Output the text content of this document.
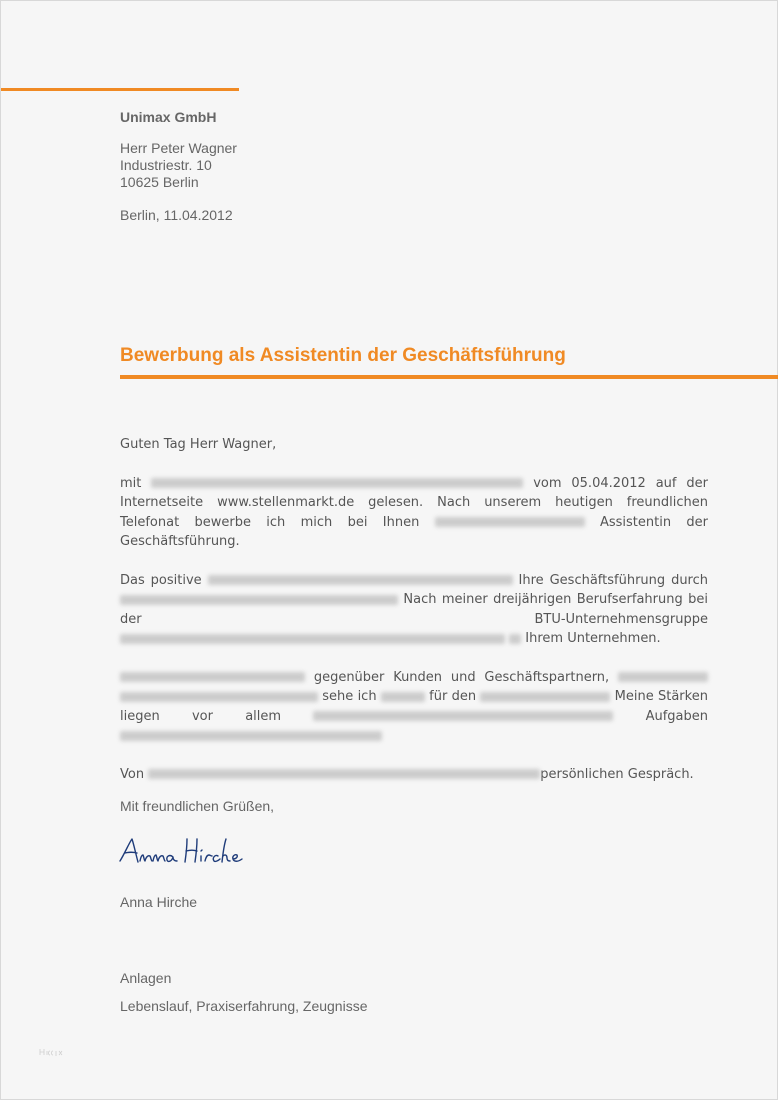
Unimax GmbH
Herr Peter Wagner
Industriestr. 10
10625 Berlin
Berlin, 11.04.2012
Bewerbung als Assistentin der Geschäftsführung

Guten Tag Herr Wagner,

mit	vom 05.04.2012 auf der Internetseite www.stellenmarkt.de gelesen. Nach unserem heutigen freundlichen Telefonat bewerbe ich mich bei Ihnen	Assistentin der Geschäftsführung.

Das positive	Ihre Geschäftsführung durch  Nach meiner dreijährigen Berufserfahrung bei der BTU-Unternehmensgruppe   Ihrem Unternehmen.

gegenüber Kunden und Geschäftspartnern,   sehe ich	für den	Meine Stärken liegen vor allem	Aufgaben

Von	persönlichen Gespräch.

Mit freundlichen Grüßen,
Anna Hirche
Anlagen
Lebenslauf, Praxiserfahrung, Zeugnisse
